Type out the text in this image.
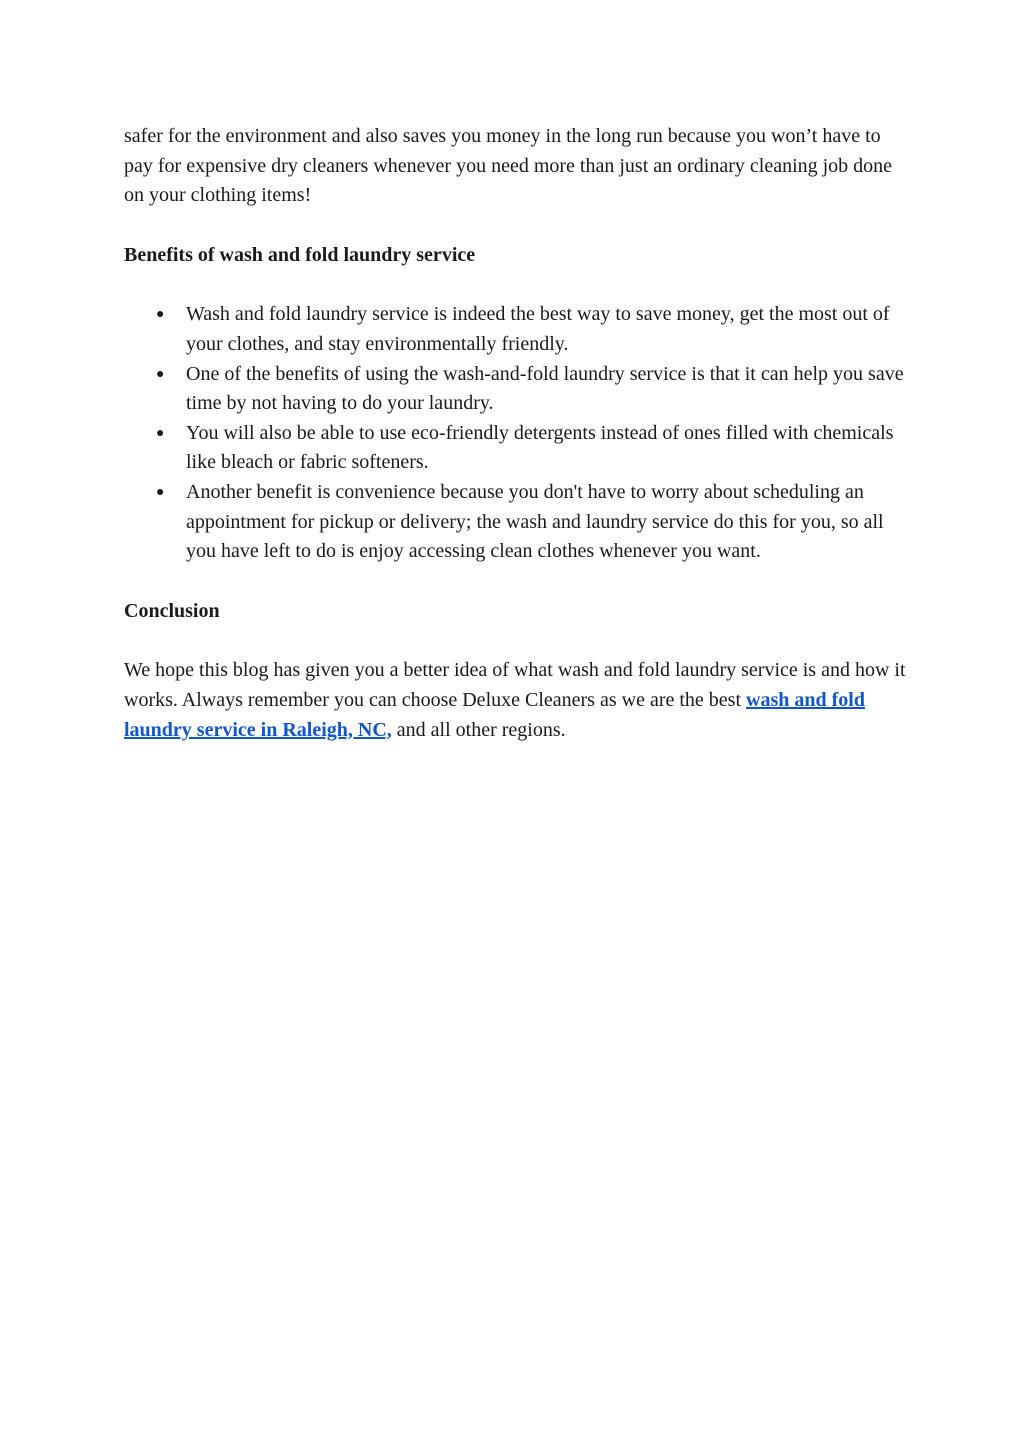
safer for the environment and also saves you money in the long run because you won’t have to pay for expensive dry cleaners whenever you need more than just an ordinary cleaning job done on your clothing items!

Benefits of wash and fold laundry service

● Wash and fold laundry service is indeed the best way to save money, get the most out of your clothes, and stay environmentally friendly.
● One of the benefits of using the wash-and-fold laundry service is that it can help you save time by not having to do your laundry.
● You will also be able to use eco-friendly detergents instead of ones filled with chemicals like bleach or fabric softeners.
● Another benefit is convenience because you don't have to worry about scheduling an appointment for pickup or delivery; the wash and laundry service do this for you, so all you have left to do is enjoy accessing clean clothes whenever you want.

Conclusion

We hope this blog has given you a better idea of what wash and fold laundry service is and how it works. Always remember you can choose Deluxe Cleaners as we are the best wash and fold laundry service in Raleigh, NC, and all other regions.
